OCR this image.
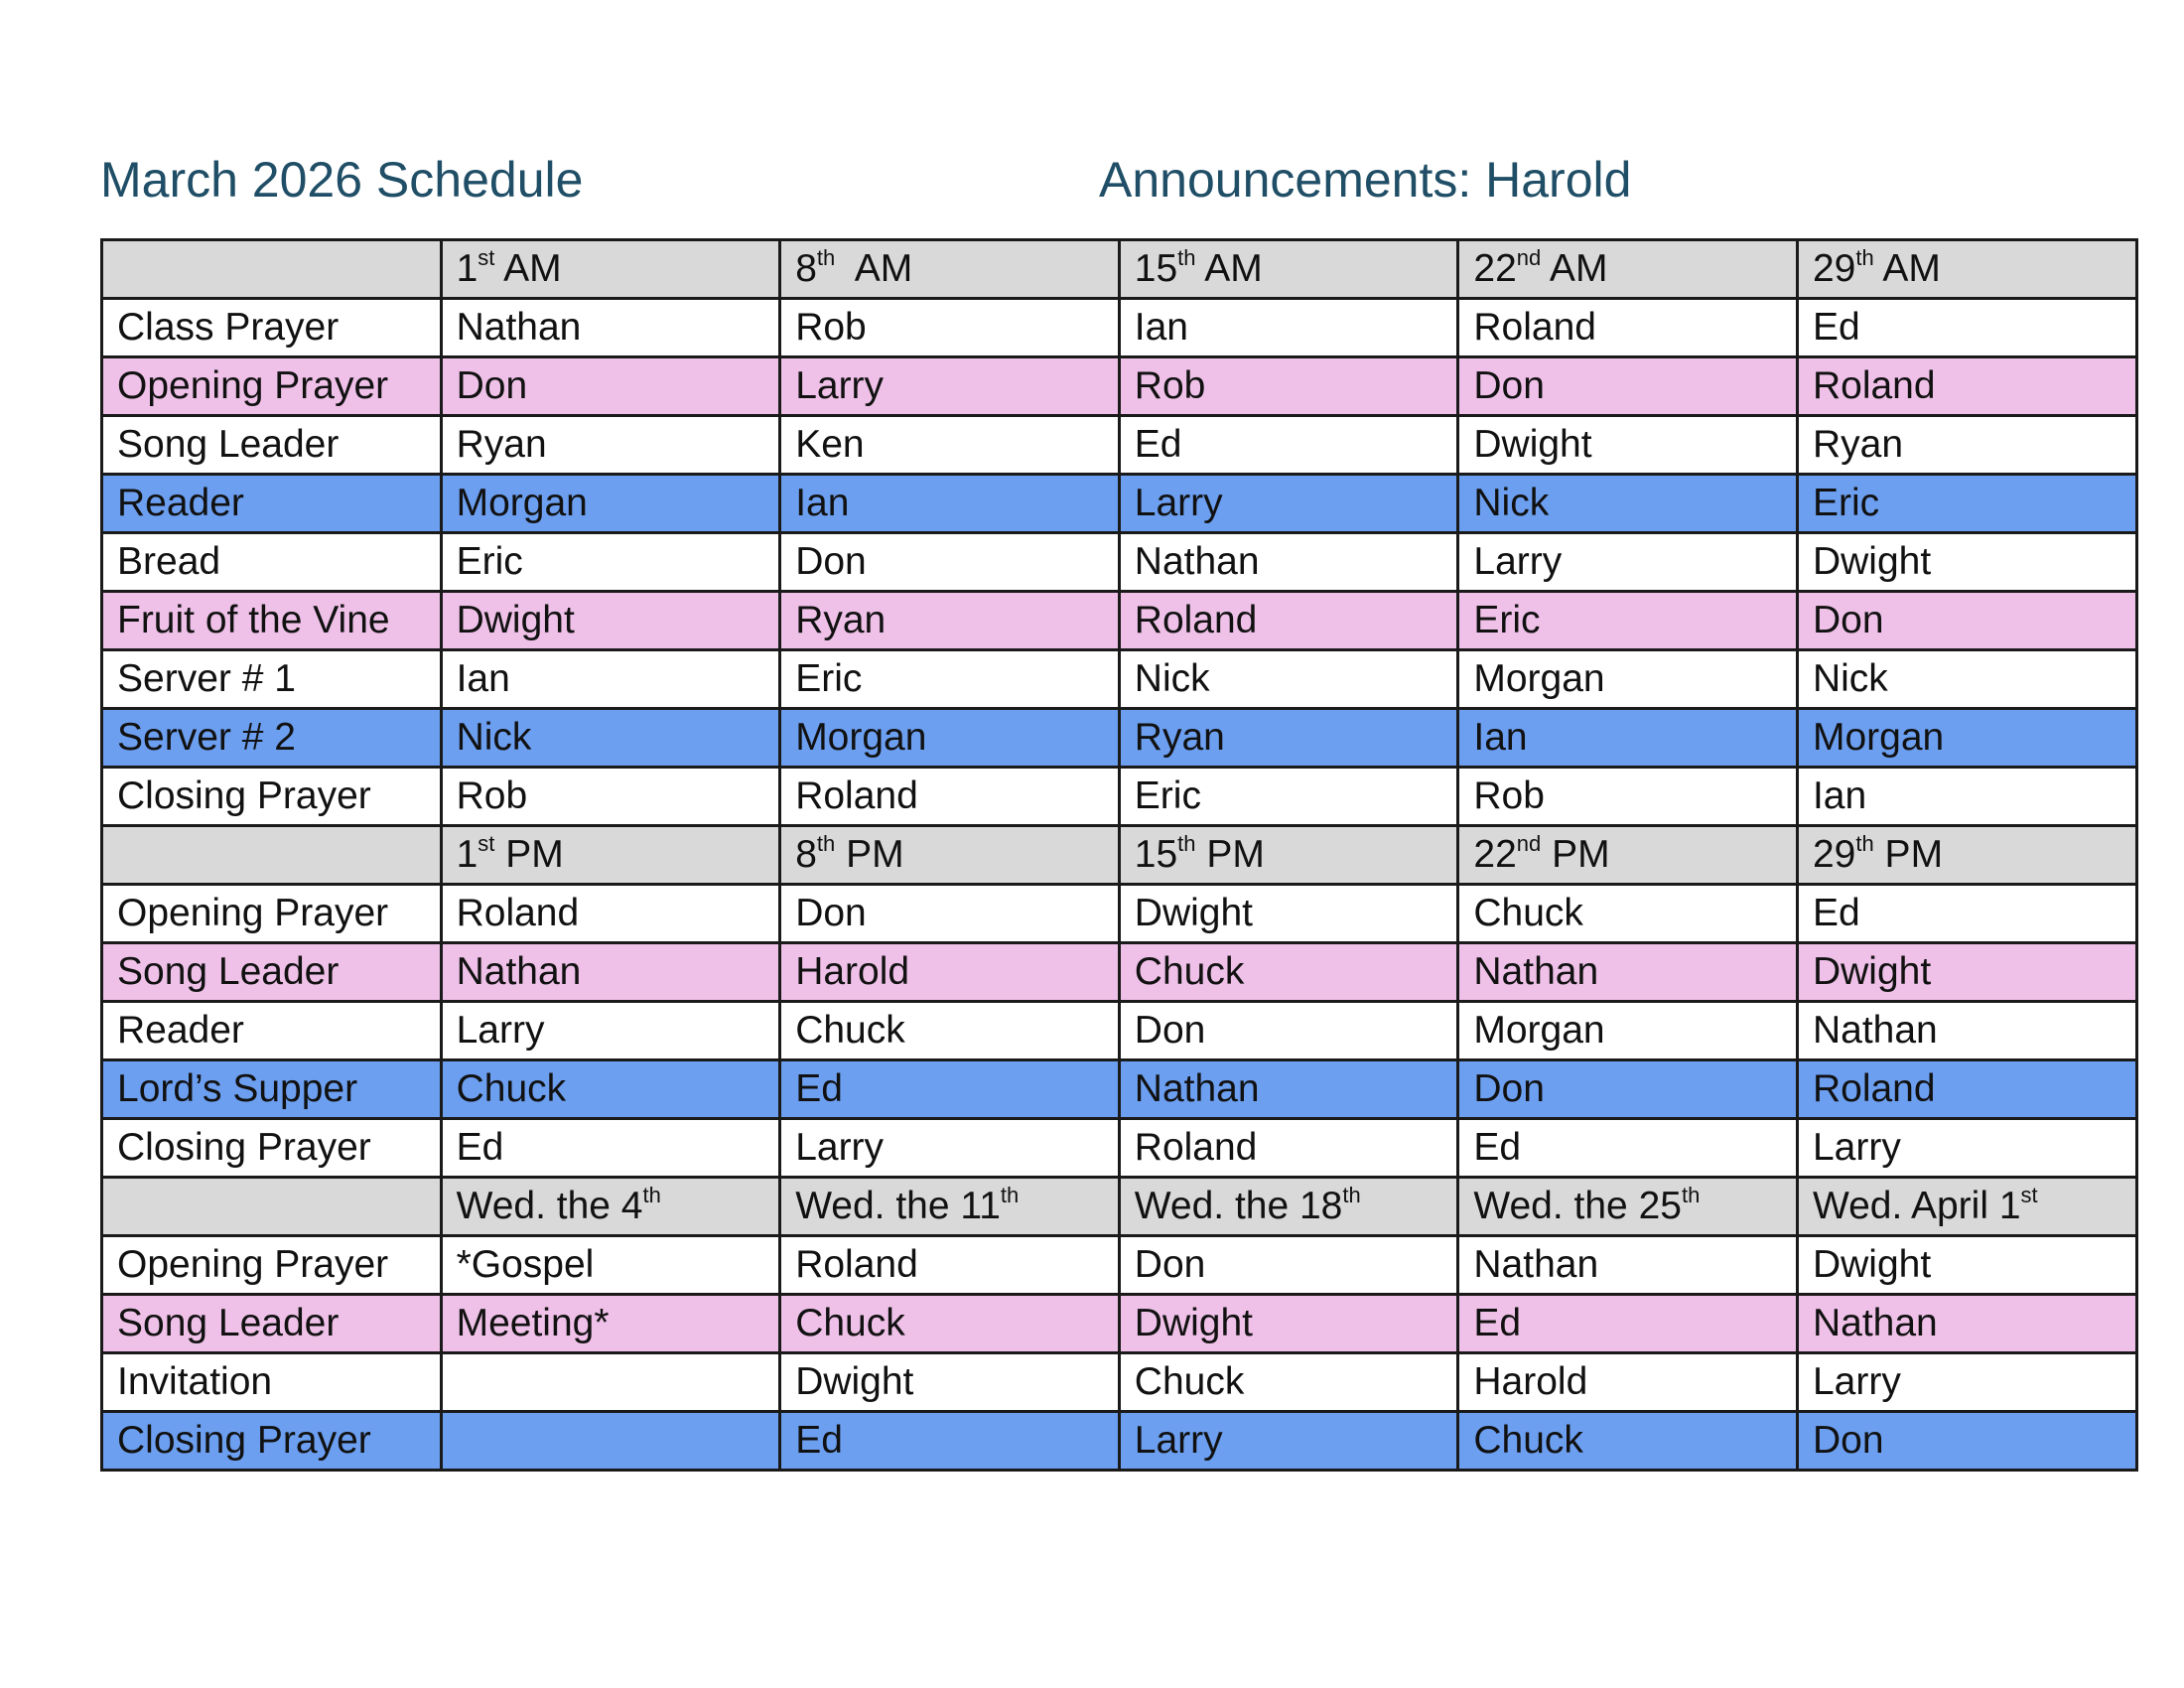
March 2026 Schedule	Announcements: Harold
	1st AM	8th  AM	15th AM	22nd AM	29th AM
Class Prayer	Nathan	Rob	Ian	Roland	Ed
Opening Prayer	Don	Larry	Rob	Don	Roland
Song Leader	Ryan	Ken	Ed	Dwight	Ryan
Reader	Morgan	Ian	Larry	Nick	Eric
Bread	Eric	Don	Nathan	Larry	Dwight
Fruit of the Vine	Dwight	Ryan	Roland	Eric	Don
Server # 1	Ian	Eric	Nick	Morgan	Nick
Server # 2	Nick	Morgan	Ryan	Ian	Morgan
Closing Prayer	Rob	Roland	Eric	Rob	Ian
	1st PM	8th PM	15th PM	22nd PM	29th PM
Opening Prayer	Roland	Don	Dwight	Chuck	Ed
Song Leader	Nathan	Harold	Chuck	Nathan	Dwight
Reader	Larry	Chuck	Don	Morgan	Nathan
Lord’s Supper	Chuck	Ed	Nathan	Don	Roland
Closing Prayer	Ed	Larry	Roland	Ed	Larry
	Wed. the 4th	Wed. the 11th	Wed. the 18th	Wed. the 25th	Wed. April 1st
Opening Prayer	*Gospel	Roland	Don	Nathan	Dwight
Song Leader	Meeting*	Chuck	Dwight	Ed	Nathan
Invitation		Dwight	Chuck	Harold	Larry
Closing Prayer		Ed	Larry	Chuck	Don
